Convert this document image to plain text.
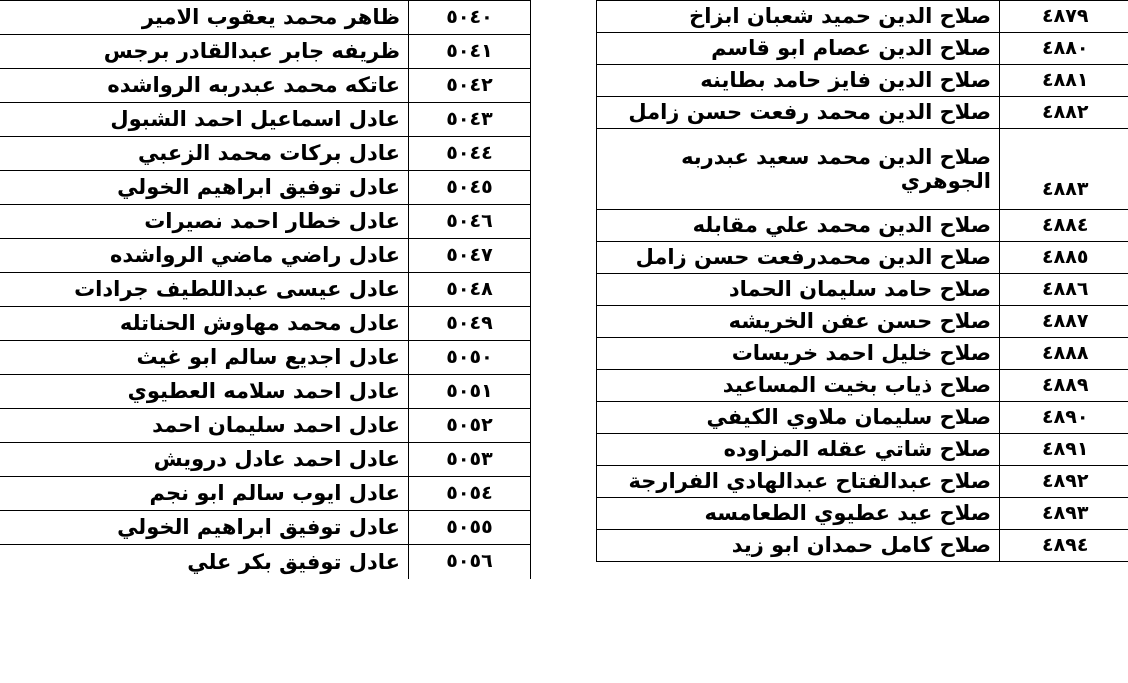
ظاهر محمد يعقوب الامير	٥٠٤٠
ظريفه جابر عبدالقادر برجس	٥٠٤١
عاتكه محمد عبدربه الرواشده	٥٠٤٢
عادل اسماعيل احمد الشبول	٥٠٤٣
عادل بركات محمد الزعبي	٥٠٤٤
عادل توفيق ابراهيم الخولي	٥٠٤٥
عادل خطار احمد نصيرات	٥٠٤٦
عادل راضي ماضي الرواشده	٥٠٤٧
عادل عيسى عبداللطيف جرادات	٥٠٤٨
عادل محمد مهاوش الحناتله	٥٠٤٩
عادل اجديع سالم ابو غيث	٥٠٥٠
عادل احمد سلامه العطيوي	٥٠٥١
عادل احمد سليمان احمد	٥٠٥٢
عادل احمد عادل درويش	٥٠٥٣
عادل ايوب سالم ابو نجم	٥٠٥٤
عادل توفيق ابراهيم الخولي	٥٠٥٥
عادل توفيق بكر علي	٥٠٥٦
صلاح الدين حميد شعبان ابزاخ	٤٨٧٩
صلاح الدين عصام ابو قاسم	٤٨٨٠
صلاح الدين فايز حامد بطاينه	٤٨٨١
صلاح الدين محمد رفعت حسن زامل	٤٨٨٢

صلاح الدين محمد سعيد عبدربه
الجوهري	٤٨٨٣
صلاح الدين محمد علي مقابله	٤٨٨٤
صلاح الدين محمدرفعت حسن زامل	٤٨٨٥
صلاح حامد سليمان الحماد	٤٨٨٦
صلاح حسن عفن الخريشه	٤٨٨٧
صلاح خليل احمد خريسات	٤٨٨٨
صلاح ذياب بخيت المساعيد	٤٨٨٩
صلاح سليمان ملاوي الكيفي	٤٨٩٠
صلاح شاتي عقله المزاوده	٤٨٩١
صلاح عبدالفتاح عبدالهادي الفرارجة	٤٨٩٢
صلاح عيد عطيوي الطعامسه	٤٨٩٣
صلاح كامل حمدان ابو زيد	٤٨٩٤
